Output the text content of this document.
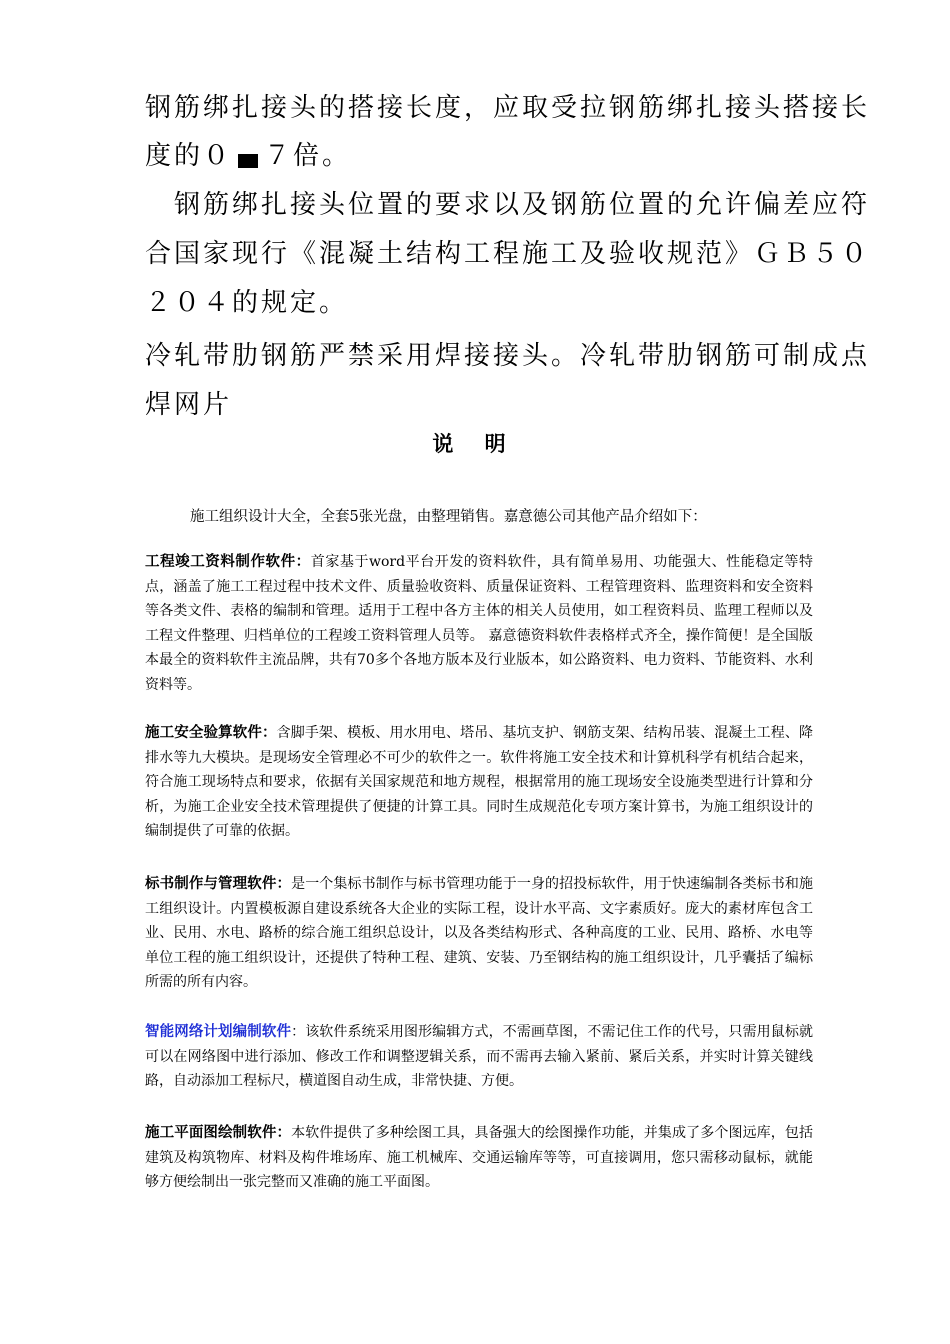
钢筋绑扎接头的搭接长度，应取受拉钢筋绑扎接头搭接长
度的０ ７倍。
　钢筋绑扎接头位置的要求以及钢筋位置的允许偏差应符
合国家现行《混凝土结构工程施工及验收规范》ＧＢ５０
２０４的规定。
冷轧带肋钢筋严禁采用焊接接头。冷轧带肋钢筋可制成点
焊网片
说 明
施工组织设计大全，全套5张光盘，由整理销售。嘉意德公司其他产品介绍如下：
工程竣工资料制作软件：首家基于word平台开发的资料软件，具有简单易用、功能强大、性能稳定等特点，涵盖了施工工程过程中技术文件、质量验收资料、质量保证资料、工程管理资料、监理资料和安全资料等各类文件、表格的编制和管理。适用于工程中各方主体的相关人员使用，如工程资料员、监理工程师以及工程文件整理、归档单位的工程竣工资料管理人员等。 嘉意德资料软件表格样式齐全，操作简便！是全国版本最全的资料软件主流品牌，共有70多个各地方版本及行业版本，如公路资料、电力资料、节能资料、水利资料等。
施工安全验算软件：含脚手架、模板、用水用电、塔吊、基坑支护、钢筋支架、结构吊装、混凝土工程、降排水等九大模块。是现场安全管理必不可少的软件之一。软件将施工安全技术和计算机科学有机结合起来，符合施工现场特点和要求，依据有关国家规范和地方规程，根据常用的施工现场安全设施类型进行计算和分析，为施工企业安全技术管理提供了便捷的计算工具。同时生成规范化专项方案计算书，为施工组织设计的编制提供了可靠的依据。
标书制作与管理软件：是一个集标书制作与标书管理功能于一身的招投标软件，用于快速编制各类标书和施工组织设计。内置模板源自建设系统各大企业的实际工程，设计水平高、文字素质好。庞大的素材库包含工业、民用、水电、路桥的综合施工组织总设计，以及各类结构形式、各种高度的工业、民用、路桥、水电等单位工程的施工组织设计，还提供了特种工程、建筑、安装、乃至钢结构的施工组织设计，几乎囊括了编标所需的所有内容。
智能网络计划编制软件：该软件系统采用图形编辑方式，不需画草图，不需记住工作的代号，只需用鼠标就可以在网络图中进行添加、修改工作和调整逻辑关系，而不需再去输入紧前、紧后关系，并实时计算关键线路，自动添加工程标尺，横道图自动生成，非常快捷、方便。
施工平面图绘制软件：本软件提供了多种绘图工具，具备强大的绘图操作功能，并集成了多个图远库，包括建筑及构筑物库、材料及构件堆场库、施工机械库、交通运输库等等，可直接调用，您只需移动鼠标，就能够方便绘制出一张完整而又准确的施工平面图。
